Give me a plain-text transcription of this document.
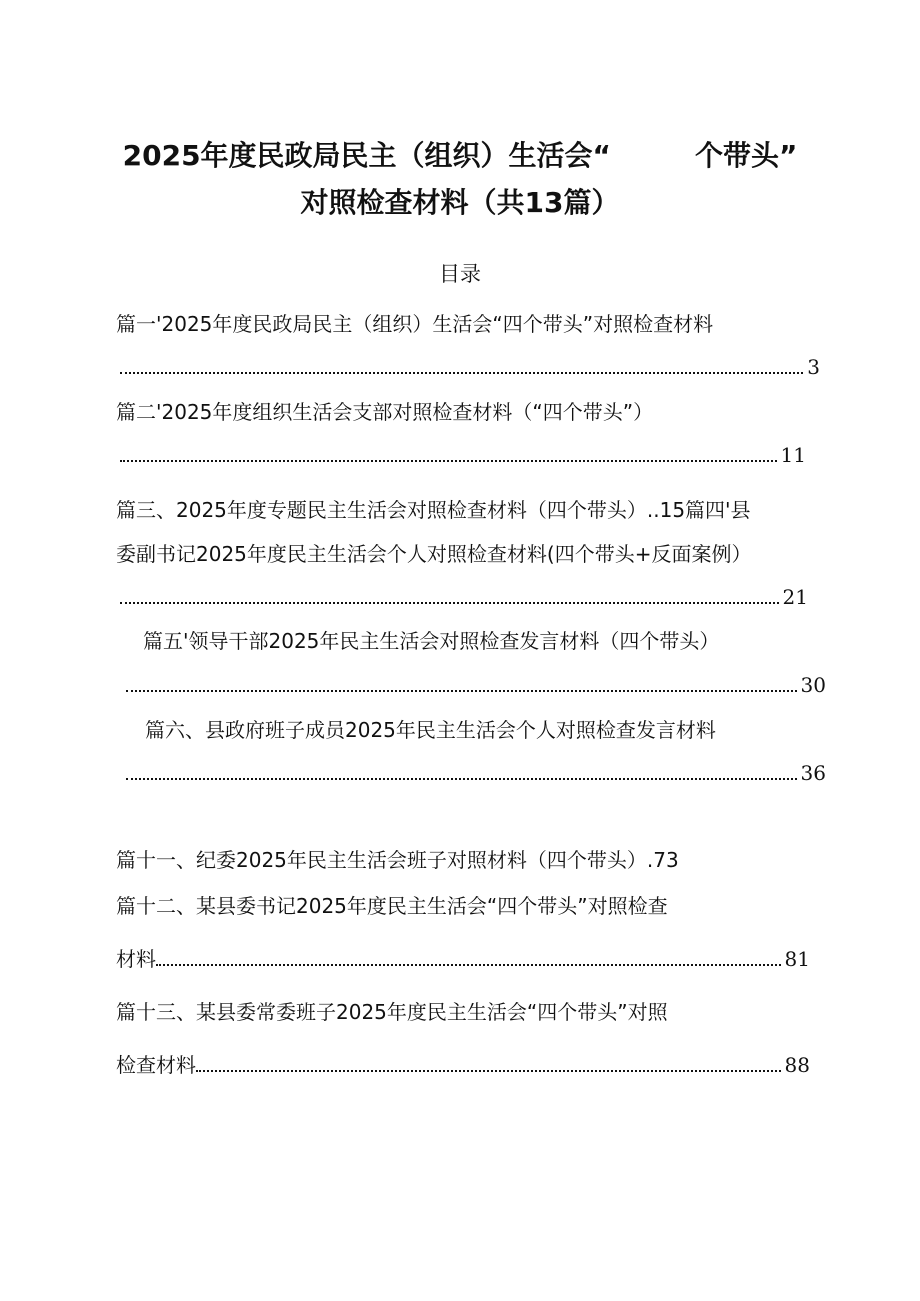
2025年度民政局民主（组织）生活会“　　　个带头”
对照检查材料（共13篇）
目录
篇一'2025年度民政局民主（组织）生活会“四个带头”对照检查材料
3
篇二'2025年度组织生活会支部对照检查材料（“四个带头”）
11
篇三、2025年度专题民主生活会对照检查材料（四个带头）..15篇四'县
委副书记2025年度民主生活会个人对照检查材料(四个带头+反面案例）
21
篇五'领导干部2025年民主生活会对照检查发言材料（四个带头）
30
篇六、县政府班子成员2025年民主生活会个人对照检查发言材料
36
篇十一、纪委2025年民主生活会班子对照材料（四个带头）.73
篇十二、某县委书记2025年度民主生活会“四个带头”对照检查
材料	81
篇十三、某县委常委班子2025年度民主生活会“四个带头”对照
检查材料	88
